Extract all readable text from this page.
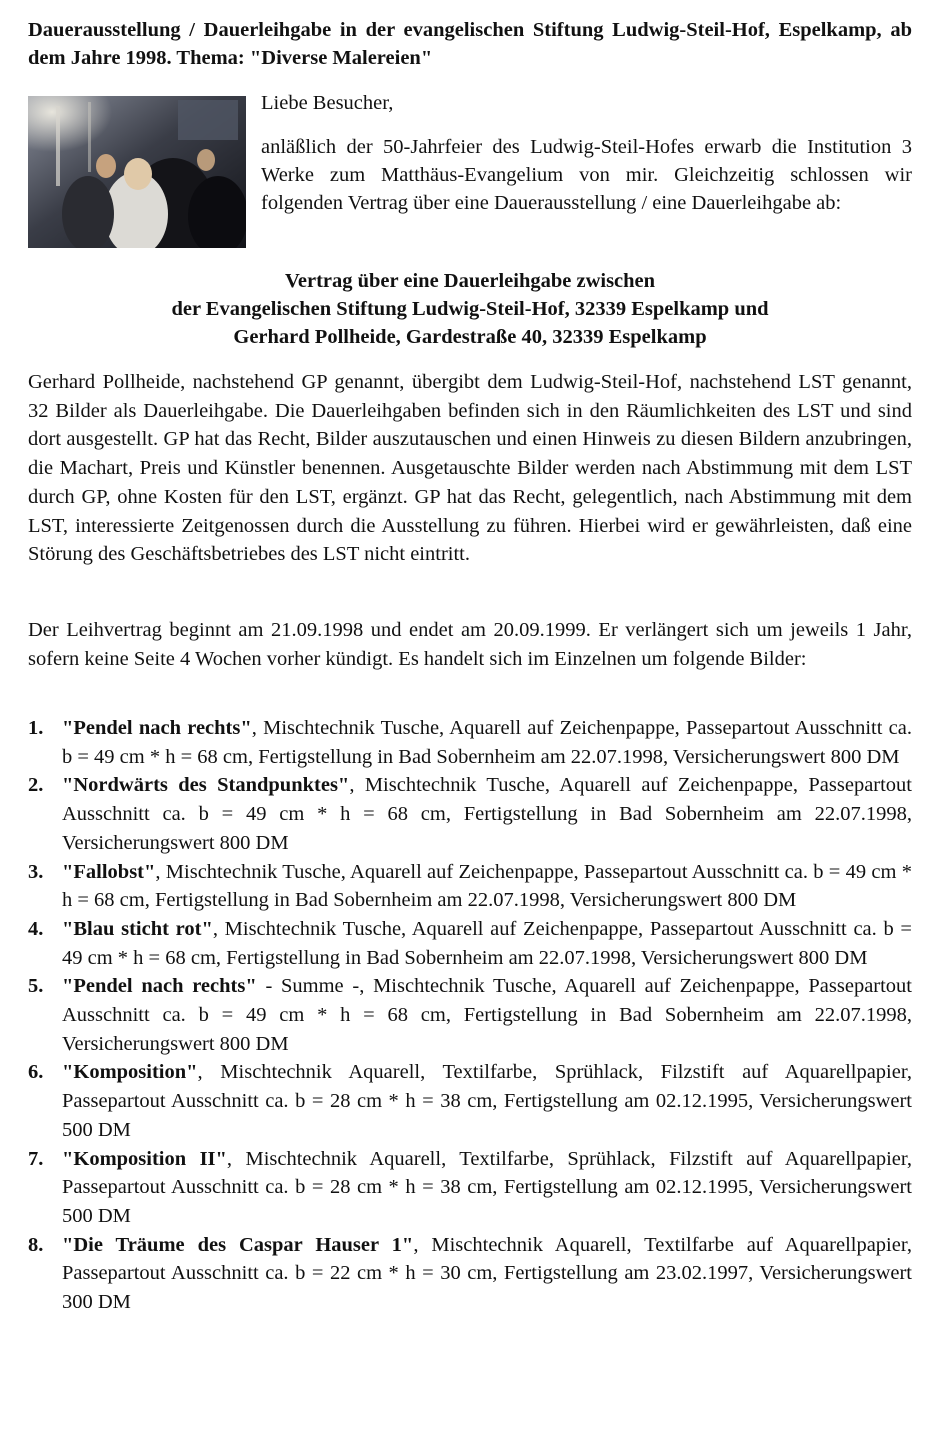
Dauerausstellung / Dauerleihgabe in der evangelischen Stiftung Ludwig-Steil-Hof, Espelkamp, ab dem Jahre 1998. Thema: "Diverse Malereien"

Liebe Besucher,

anläßlich der 50-Jahrfeier des Ludwig-Steil-Hofes erwarb die Institution 3 Werke zum Matthäus-Evangelium von mir. Gleichzeitig schlossen wir folgenden Vertrag über eine Dauerausstellung / eine Dauerleihgabe ab:

Vertrag über eine Dauerleihgabe zwischen
der Evangelischen Stiftung Ludwig-Steil-Hof, 32339 Espelkamp und
Gerhard Pollheide, Gardestraße 40, 32339 Espelkamp

Gerhard Pollheide, nachstehend GP genannt, übergibt dem Ludwig-Steil-Hof, nachstehend LST genannt, 32 Bilder als Dauerleihgabe. Die Dauerleihgaben befinden sich in den Räumlichkeiten des LST und sind dort ausgestellt. GP hat das Recht, Bilder auszutauschen und einen Hinweis zu diesen Bildern anzubringen, die Machart, Preis und Künstler benennen. Ausgetauschte Bilder werden nach Abstimmung mit dem LST durch GP, ohne Kosten für den LST, ergänzt. GP hat das Recht, gelegentlich, nach Abstimmung mit dem LST, interessierte Zeitgenossen durch die Ausstellung zu führen. Hierbei wird er gewährleisten, daß eine Störung des Geschäftsbetriebes des LST nicht eintritt.

Der Leihvertrag beginnt am 21.09.1998 und endet am 20.09.1999. Er verlängert sich um jeweils 1 Jahr, sofern keine Seite 4 Wochen vorher kündigt. Es handelt sich im Einzelnen um folgende Bilder:

1. "Pendel nach rechts", Mischtechnik Tusche, Aquarell auf Zeichenpappe, Passepartout Ausschnitt ca. b = 49 cm * h = 68 cm, Fertigstellung in Bad Sobernheim am 22.07.1998, Versicherungswert 800 DM
2. "Nordwärts des Standpunktes", Mischtechnik Tusche, Aquarell auf Zeichenpappe, Passepartout Ausschnitt ca. b = 49 cm * h = 68 cm, Fertigstellung in Bad Sobernheim am 22.07.1998, Versicherungswert 800 DM
3. "Fallobst", Mischtechnik Tusche, Aquarell auf Zeichenpappe, Passepartout Ausschnitt ca. b = 49 cm * h = 68 cm, Fertigstellung in Bad Sobernheim am 22.07.1998, Versicherungswert 800 DM
4. "Blau sticht rot", Mischtechnik Tusche, Aquarell auf Zeichenpappe, Passepartout Ausschnitt ca. b = 49 cm * h = 68 cm, Fertigstellung in Bad Sobernheim am 22.07.1998, Versicherungswert 800 DM
5. "Pendel nach rechts" - Summe -, Mischtechnik Tusche, Aquarell auf Zeichenpappe, Passepartout Ausschnitt ca. b = 49 cm * h = 68 cm, Fertigstellung in Bad Sobernheim am 22.07.1998, Versicherungswert 800 DM
6. "Komposition", Mischtechnik Aquarell, Textilfarbe, Sprühlack, Filzstift auf Aquarellpapier, Passepartout Ausschnitt ca. b = 28 cm * h = 38 cm, Fertigstellung am 02.12.1995, Versicherungswert 500 DM
7. "Komposition II", Mischtechnik Aquarell, Textilfarbe, Sprühlack, Filzstift auf Aquarellpapier, Passepartout Ausschnitt ca. b = 28 cm * h = 38 cm, Fertigstellung am 02.12.1995, Versicherungswert 500 DM
8. "Die Träume des Caspar Hauser 1", Mischtechnik Aquarell, Textilfarbe auf Aquarellpapier, Passepartout Ausschnitt ca. b = 22 cm * h = 30 cm, Fertigstellung am 23.02.1997, Versicherungswert 300 DM
